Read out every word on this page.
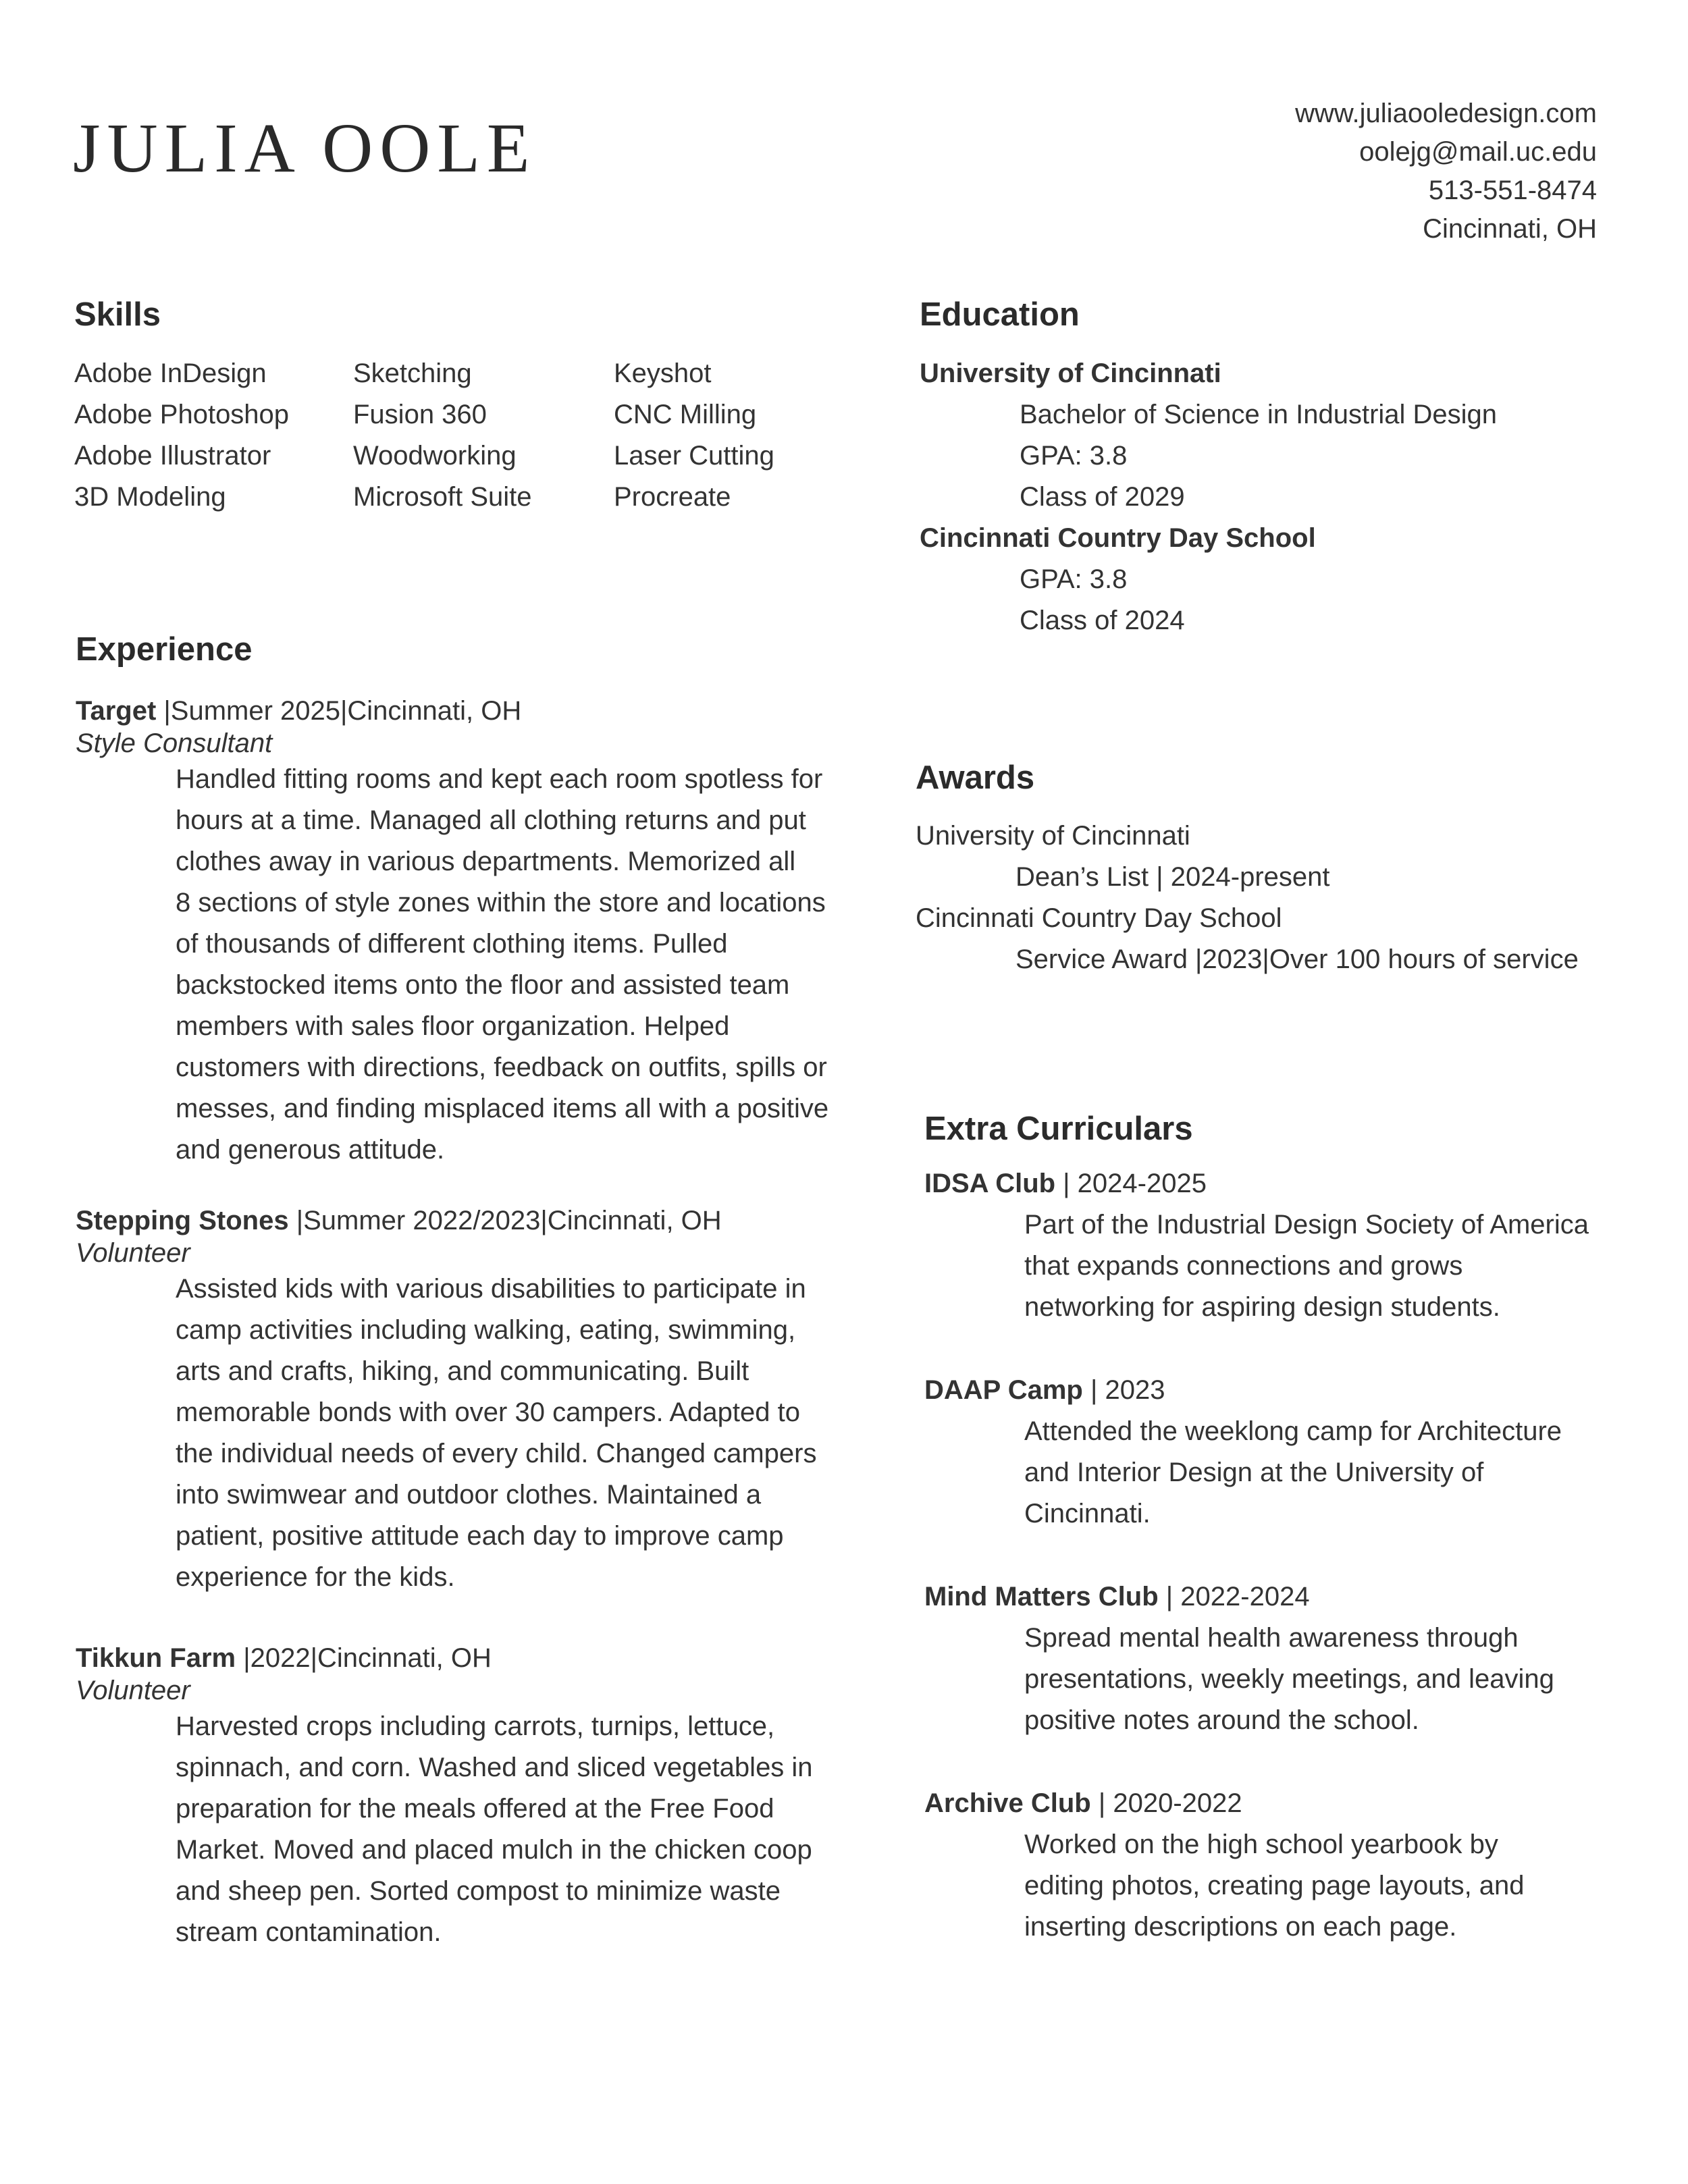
JULIA OOLE	www.juliaooledesign.com
oolejg@mail.uc.edu
513-551-8474
Cincinnati, OH
Skills
Adobe InDesign
Adobe Photoshop
Adobe Illustrator
3D Modeling
Sketching
Fusion 360
Woodworking
Microsoft Suite
Keyshot
CNC Milling
Laser Cutting
Procreate
Education
University of Cincinnati
Bachelor of Science in Industrial Design
GPA: 3.8
Class of 2029
Cincinnati Country Day School
GPA: 3.8
Class of 2024
Experience
Target |Summer 2025|Cincinnati, OH
Style Consultant
Handled fitting rooms and kept each room spotless for
hours at a time. Managed all clothing returns and put
clothes away in various departments. Memorized all
8 sections of style zones within the store and locations
of thousands of different clothing items. Pulled
backstocked items onto the floor and assisted team
members with sales floor organization. Helped
customers with directions, feedback on outfits, spills or
messes, and finding misplaced items all with a positive
and generous attitude.
Stepping Stones |Summer 2022/2023|Cincinnati, OH
Volunteer
Assisted kids with various disabilities to participate in
camp activities including walking, eating, swimming,
arts and crafts, hiking, and communicating. Built
memorable bonds with over 30 campers. Adapted to
the individual needs of every child. Changed campers
into swimwear and outdoor clothes. Maintained a
patient, positive attitude each day to improve camp
experience for the kids.
Tikkun Farm |2022|Cincinnati, OH
Volunteer
Harvested crops including carrots, turnips, lettuce,
spinnach, and corn. Washed and sliced vegetables in
preparation for the meals offered at the Free Food
Market. Moved and placed mulch in the chicken coop
and sheep pen. Sorted compost to minimize waste
stream contamination.
Awards
University of Cincinnati
Dean’s List | 2024-present
Cincinnati Country Day School
Service Award |2023|Over 100 hours of service
Extra Curriculars
IDSA Club | 2024-2025
Part of the Industrial Design Society of America
that expands connections and grows
networking for aspiring design students.
DAAP Camp | 2023
Attended the weeklong camp for Architecture
and Interior Design at the University of
Cincinnati.
Mind Matters Club | 2022-2024
Spread mental health awareness through
presentations, weekly meetings, and leaving
positive notes around the school.
Archive Club | 2020-2022
Worked on the high school yearbook by
editing photos, creating page layouts, and
inserting descriptions on each page.
